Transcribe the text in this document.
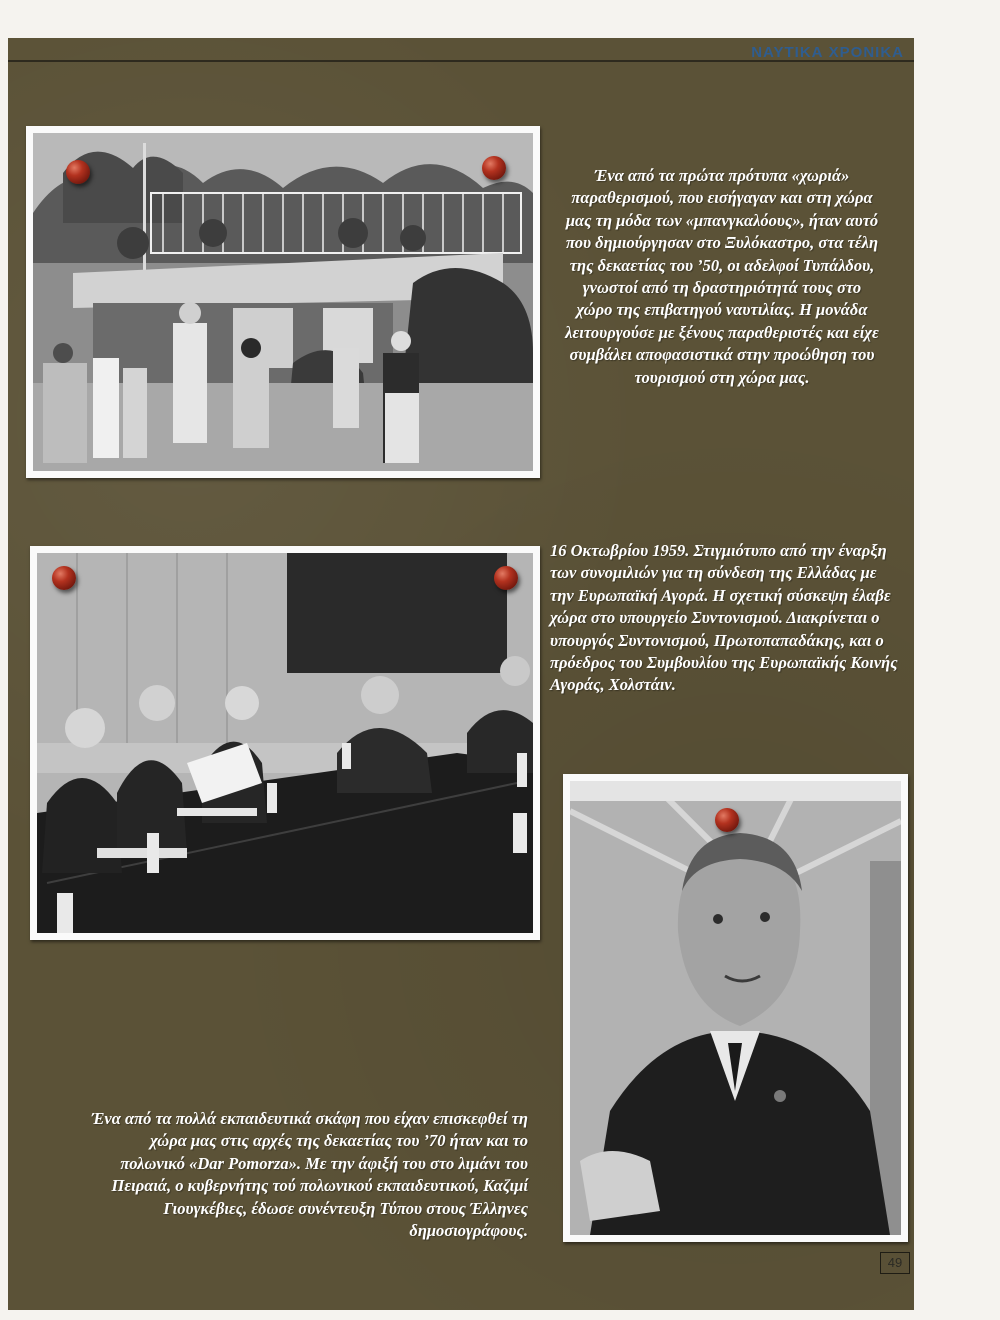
ΝΑΥΤΙΚΑ ΧΡΟΝΙΚΑ
Ένα από τα πρώτα πρότυπα «χωριά» παραθερισμού, που εισήγαγαν και στη χώρα μας τη μόδα των «μπανγκαλόους», ήταν αυτό που δημιούργησαν στο Ξυλόκαστρο, στα τέλη της δεκαετίας του ’50, οι αδελφοί Τυπάλδου, γνωστοί από τη δραστηριότητά τους στο χώρο της επιβατηγού ναυτιλίας. Η μονάδα λειτουργούσε με ξένους παραθεριστές και είχε συμβάλει αποφασιστικά στην προώθηση του τουρισμού στη χώρα μας.
16 Οκτωβρίου 1959. Στιγμιότυπο από την έναρξη των συνομιλιών για τη σύνδεση της Ελλάδας με την Ευρωπαϊκή Αγορά. Η σχετική σύσκεψη έλαβε χώρα στο υπουργείο Συντονισμού. Διακρίνεται ο υπουργός Συντονισμού, Πρωτοπαπαδάκης, και ο πρόεδρος του Συμβουλίου της Ευρωπαϊκής Κοινής Αγοράς, Χολστάιν.
Ένα από τα πολλά εκπαιδευτικά σκάφη που είχαν επισκεφθεί τη χώρα μας στις αρχές της δεκαετίας του ’70 ήταν και το πολωνικό «Dar Pomorza». Με την άφιξή του στο λιμάνι του Πειραιά, ο κυβερνήτης τού πολωνικού εκπαιδευτικού, Καζιμί Γιουγκέβιες, έδωσε συνέντευξη Τύπου στους Έλληνες δημοσιογράφους.
49
